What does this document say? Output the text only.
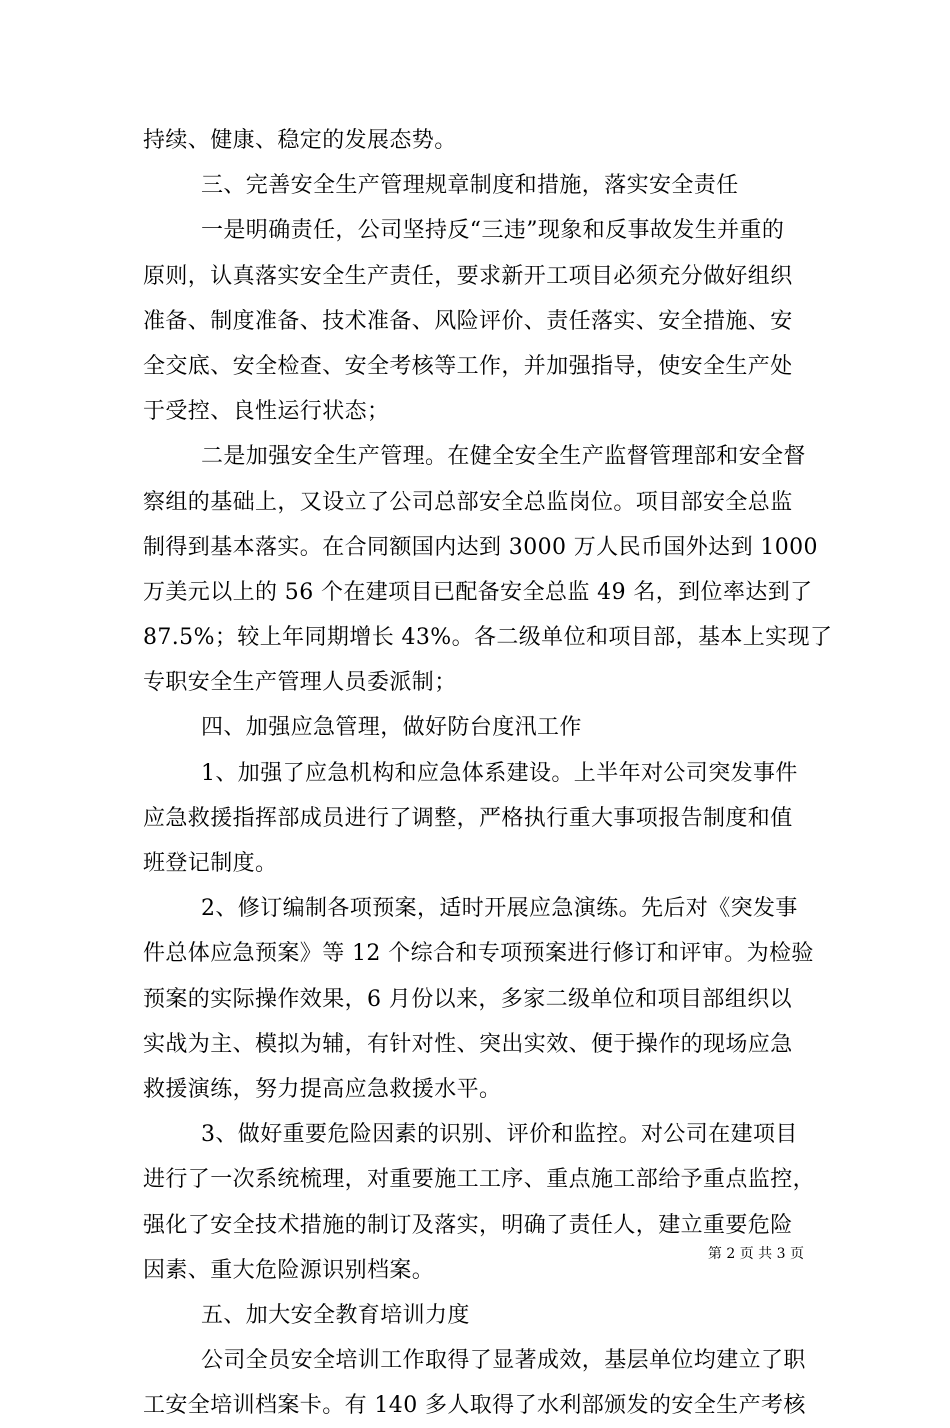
持续、健康、稳定的发展态势。
三、完善安全生产管理规章制度和措施，落实安全责任
一是明确责任，公司坚持反“三违”现象和反事故发生并重的
原则，认真落实安全生产责任，要求新开工项目必须充分做好组织
准备、制度准备、技术准备、风险评价、责任落实、安全措施、安
全交底、安全检查、安全考核等工作，并加强指导，使安全生产处
于受控、良性运行状态；
二是加强安全生产管理。在健全安全生产监督管理部和安全督
察组的基础上，又设立了公司总部安全总监岗位。项目部安全总监
制得到基本落实。在合同额国内达到 3000 万人民币国外达到 1000
万美元以上的 56 个在建项目已配备安全总监 49 名，到位率达到了
87.5%；较上年同期增长 43%。各二级单位和项目部，基本上实现了
专职安全生产管理人员委派制；
四、加强应急管理，做好防台度汛工作
1、加强了应急机构和应急体系建设。上半年对公司突发事件
应急救援指挥部成员进行了调整，严格执行重大事项报告制度和值
班登记制度。
2、修订编制各项预案，适时开展应急演练。先后对《突发事
件总体应急预案》等 12 个综合和专项预案进行修订和评审。为检验
预案的实际操作效果，6 月份以来，多家二级单位和项目部组织以
实战为主、模拟为辅，有针对性、突出实效、便于操作的现场应急
救援演练，努力提高应急救援水平。
3、做好重要危险因素的识别、评价和监控。对公司在建项目
进行了一次系统梳理，对重要施工工序、重点施工部给予重点监控，
强化了安全技术措施的制订及落实，明确了责任人，建立重要危险
因素、重大危险源识别档案。
五、加大安全教育培训力度
公司全员安全培训工作取得了显著成效，基层单位均建立了职
工安全培训档案卡。有 140 多人取得了水利部颁发的安全生产考核
第 2 页 共 3 页
